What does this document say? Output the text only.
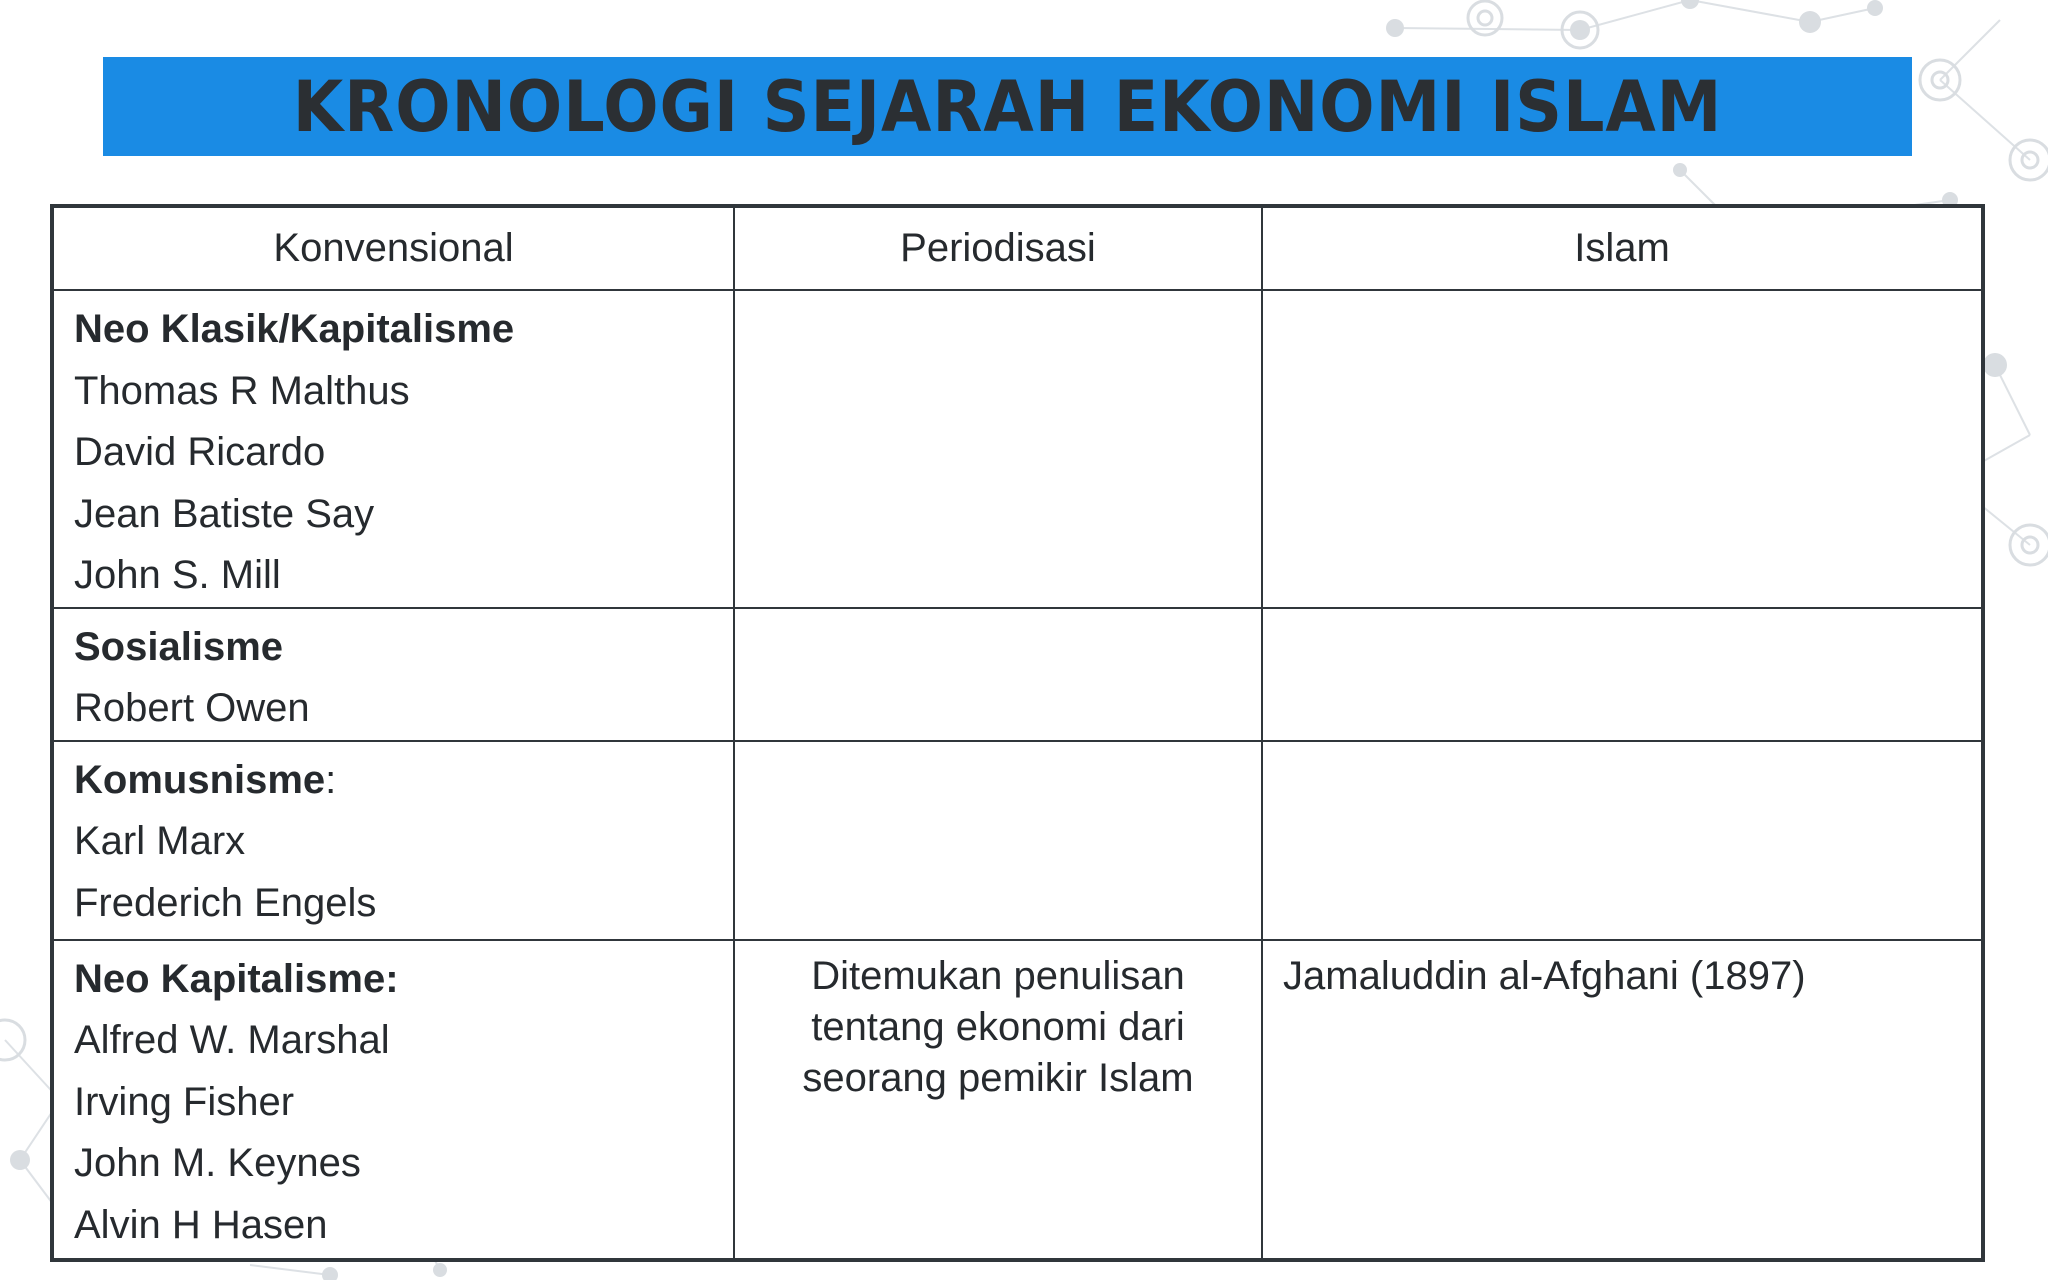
KRONOLOGI SEJARAH EKONOMI ISLAM
Konvensional	Periodisasi	Islam

Neo Klasik/Kapitalisme
Thomas R Malthus
David Ricardo
Jean Batiste Say
John S. Mill		

Sosialisme
Robert Owen		

Komusnisme:
Karl Marx
Frederich Engels		

Neo Kapitalisme:
Alfred W. Marshal
Irving Fisher
John M. Keynes
Alvin H Hasen	Ditemukan penulisan tentang ekonomi dari seorang pemikir Islam	Jamaluddin al-Afghani (1897)
